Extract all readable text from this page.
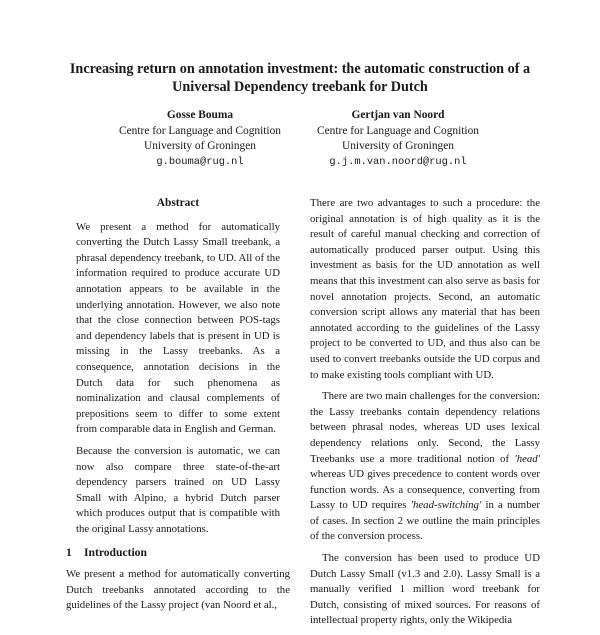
Increasing return on annotation investment: the automatic construction of a Universal Dependency treebank for Dutch
Gosse Bouma
Centre for Language and Cognition
University of Groningen
g.bouma@rug.nl
Gertjan van Noord
Centre for Language and Cognition
University of Groningen
g.j.m.van.noord@rug.nl
Abstract

We present a method for automatically converting the Dutch Lassy Small treebank, a phrasal dependency treebank, to UD. All of the information required to produce accurate UD annotation appears to be available in the underlying annotation. However, we also note that the close connection between POS-tags and dependency labels that is present in UD is missing in the Lassy treebanks. As a consequence, annotation decisions in the Dutch data for such phenomena as nominalization and clausal complements of prepositions seem to differ to some extent from comparable data in English and German.

Because the conversion is automatic, we can now also compare three state-of-the-art dependency parsers trained on UD Lassy Small with Alpino, a hybrid Dutch parser which produces output that is compatible with the original Lassy annotations.

1 Introduction

We present a method for automatically converting Dutch treebanks annotated according to the guidelines of the Lassy project (van Noord et al.,

There are two advantages to such a procedure: the original annotation is of high quality as it is the result of careful manual checking and correction of automatically produced parser output. Using this investment as basis for the UD annotation as well means that this investment can also serve as basis for novel annotation projects. Second, an automatic conversion script allows any material that has been annotated according to the guidelines of the Lassy project to be converted to UD, and thus also can be used to convert treebanks outside the UD corpus and to make existing tools compliant with UD.

There are two main challenges for the conversion: the Lassy treebanks contain dependency relations between phrasal nodes, whereas UD uses lexical dependency relations only. Second, the Lassy Treebanks use a more traditional notion of 'head' whereas UD gives precedence to content words over function words. As a consequence, converting from Lassy to UD requires 'head-switching' in a number of cases. In section 2 we outline the main principles of the conversion process.

The conversion has been used to produce UD Dutch Lassy Small (v1.3 and 2.0). Lassy Small is a manually verified 1 million word treebank for Dutch, consisting of mixed sources. For reasons of intellectual property rights, only the Wikipedia
